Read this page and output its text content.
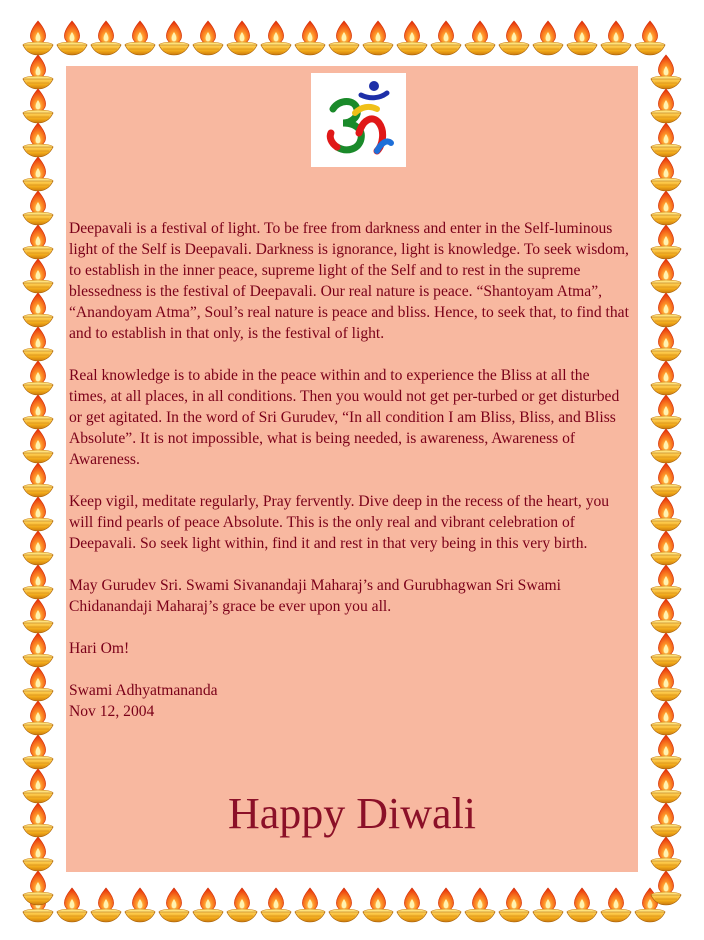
Deepavali is a festival of light. To be free from darkness and enter in the Self-luminous light of the Self is Deepavali. Darkness is ignorance, light is knowledge. To seek wisdom, to establish in the inner peace, supreme light of the Self and to rest in the supreme blessedness is the festival of Deepavali. Our real nature is peace. “Shantoyam Atma”, “Anandoyam Atma”, Soul’s real nature is peace and bliss. Hence, to seek that, to find that and to establish in that only, is the festival of light.

Real knowledge is to abide in the peace within and to experience the Bliss at all the times, at all places, in all conditions. Then you would not get per-turbed or get disturbed or get agitated. In the word of Sri Gurudev, “In all condition I am Bliss, Bliss, and Bliss Absolute”. It is not impossible, what is being needed, is awareness, Awareness of Awareness.

Keep vigil, meditate regularly, Pray fervently. Dive deep in the recess of the heart, you will find pearls of peace Absolute. This is the only real and vibrant celebration of Deepavali. So seek light within, find it and rest in that very being in this very birth.

May Gurudev Sri. Swami Sivanandaji Maharaj’s and Gurubhagwan Sri Swami Chidanandaji Maharaj’s grace be ever upon you all.

Hari Om!

Swami Adhyatmananda

Nov 12, 2004

Happy Diwali
